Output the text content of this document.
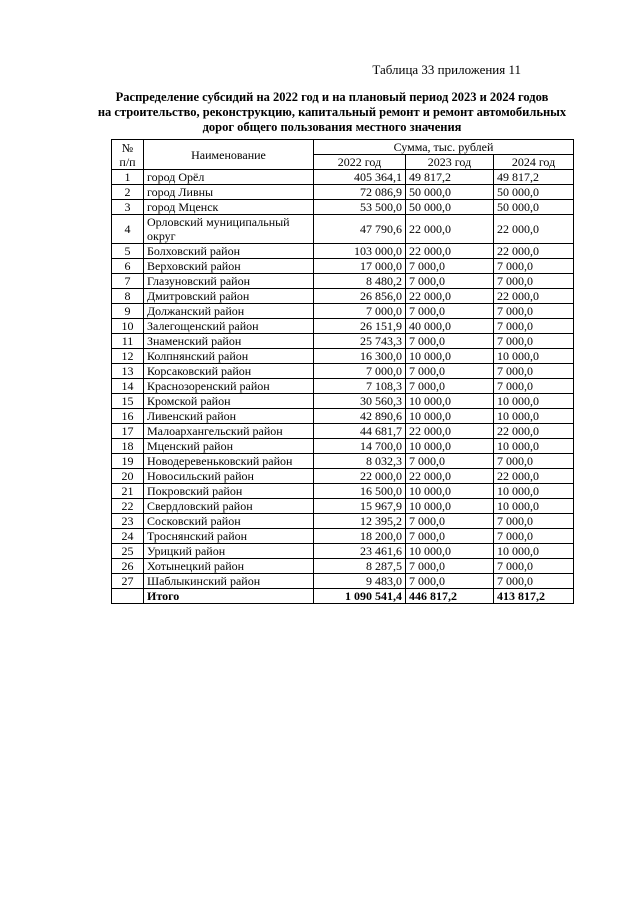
Таблица 33 приложения 11
Распределение субсидий на 2022 год и на плановый период 2023 и 2024 годов
на строительство, реконструкцию, капитальный ремонт и ремонт автомобильных
дорог общего пользования местного значения
№
п/п	Наименование	Сумма, тыс. рублей		
		2022 год	2023 год	2024 год
1	город Орёл	405 364,1	49 817,2	49 817,2
2	город Ливны	72 086,9	50 000,0	50 000,0
3	город Мценск	53 500,0	50 000,0	50 000,0
4	Орловский муниципальный округ	47 790,6	22 000,0	22 000,0
5	Болховский район	103 000,0	22 000,0	22 000,0
6	Верховский район	17 000,0	7 000,0	7 000,0
7	Глазуновский район	8 480,2	7 000,0	7 000,0
8	Дмитровский район	26 856,0	22 000,0	22 000,0
9	Должанский район	7 000,0	7 000,0	7 000,0
10	Залегощенский район	26 151,9	40 000,0	7 000,0
11	Знаменский район	25 743,3	7 000,0	7 000,0
12	Колпнянский район	16 300,0	10 000,0	10 000,0
13	Корсаковский район	7 000,0	7 000,0	7 000,0
14	Краснозоренский район	7 108,3	7 000,0	7 000,0
15	Кромской район	30 560,3	10 000,0	10 000,0
16	Ливенский район	42 890,6	10 000,0	10 000,0
17	Малоархангельский район	44 681,7	22 000,0	22 000,0
18	Мценский район	14 700,0	10 000,0	10 000,0
19	Новодеревеньковский район	8 032,3	7 000,0	7 000,0
20	Новосильский район	22 000,0	22 000,0	22 000,0
21	Покровский район	16 500,0	10 000,0	10 000,0
22	Свердловский район	15 967,9	10 000,0	10 000,0
23	Сосковский район	12 395,2	7 000,0	7 000,0
24	Троснянский район	18 200,0	7 000,0	7 000,0
25	Урицкий район	23 461,6	10 000,0	10 000,0
26	Хотынецкий район	8 287,5	7 000,0	7 000,0
27	Шаблыкинский район	9 483,0	7 000,0	7 000,0
	Итого	1 090 541,4	446 817,2	413 817,2
